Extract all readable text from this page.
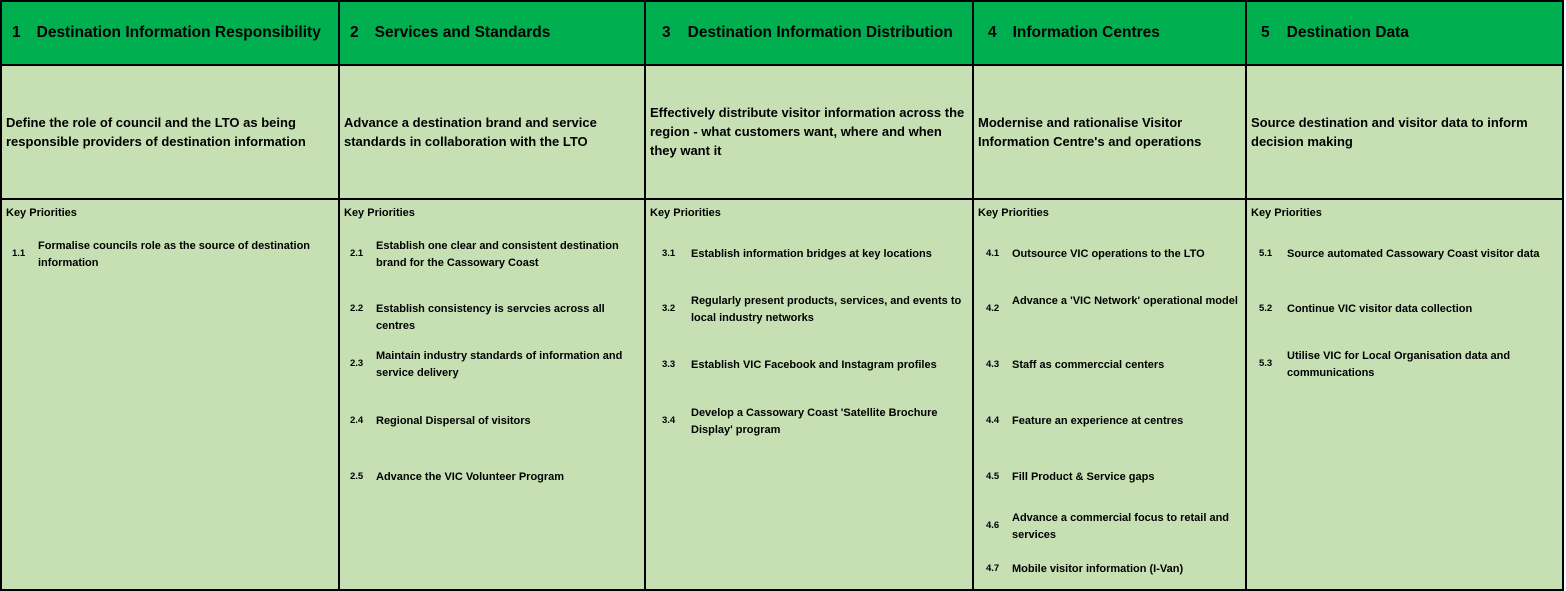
1 Destination Information Responsibility
Define the role of council and the LTO as being responsible providers of destination information
Key Priorities
1.1
Formalise councils role as the source of destination information
2 Services and Standards
Advance a destination brand and service standards in collaboration with the LTO
Key Priorities
2.1
Establish one clear and consistent destination brand for the Cassowary Coast
2.2 Establish consistency is servcies across all centres
2.3
Maintain industry standards of information and service delivery
2.4 Regional Dispersal of visitors
2.5 Advance the VIC Volunteer Program
3 Destination Information Distribution
Effectively distribute visitor information across the region - what customers want, where and when they want it
Key Priorities
3.1 Establish information bridges at key locations
3.2
Regularly present products, services, and events to local industry networks
3.3 Establish VIC Facebook and Instagram profiles
3.4
Develop a Cassowary Coast 'Satellite Brochure Display' program
4 Information Centres
Modernise and rationalise Visitor Information Centre's and operations
Key Priorities
4.1 Outsource VIC operations to the LTO
4.2
Advance a 'VIC Network' operational model
4.3 Staff as commerccial centers
4.4 Feature an experience at centres
4.5 Fill Product & Service gaps
4.6
Advance a commercial focus to retail and services
4.7 Mobile visitor information (I-Van)
5 Destination Data
Source destination and visitor data to inform decision making
Key Priorities
5.1 Source automated Cassowary Coast visitor data
5.2 Continue VIC visitor data collection
5.3
Utilise VIC for Local Organisation data and communications
